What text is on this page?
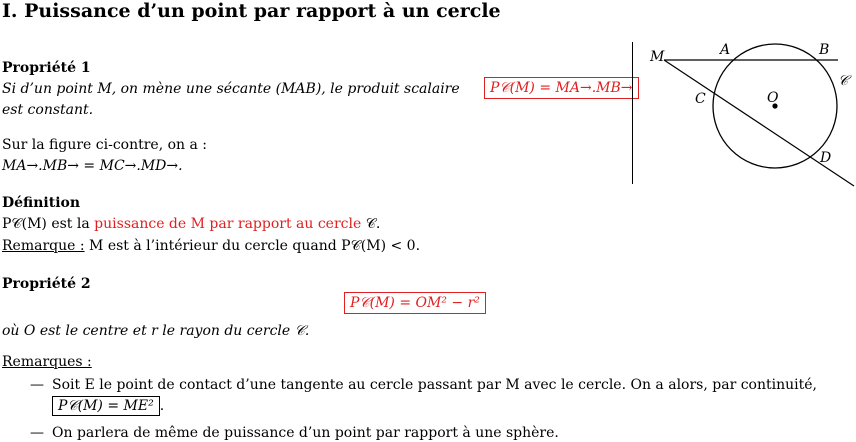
I. Puissance d’un point par rapport à un cercle
Propriété 1
Si d’un point M, on mène une sécante (MAB), le produit scalaire	P𝒞(M) = MA→.MB→
est constant.
Sur la figure ci-contre, on a :
MA→.MB→ = MC→.MD→.
M	A	B
C	O
D
𝒞
Définition
P𝒞(M) est la puissance de M par rapport au cercle 𝒞.
Remarque : M est à l’intérieur du cercle quand P𝒞(M) < 0.
Propriété 2
P𝒞(M) = OM² − r²
où O est le centre et r le rayon du cercle 𝒞.
Remarques :
— Soit E le point de contact d’une tangente au cercle passant par M avec le cercle. On a alors, par continuité,
P𝒞(M) = ME² .
— On parlera de même de puissance d’un point par rapport à une sphère.
